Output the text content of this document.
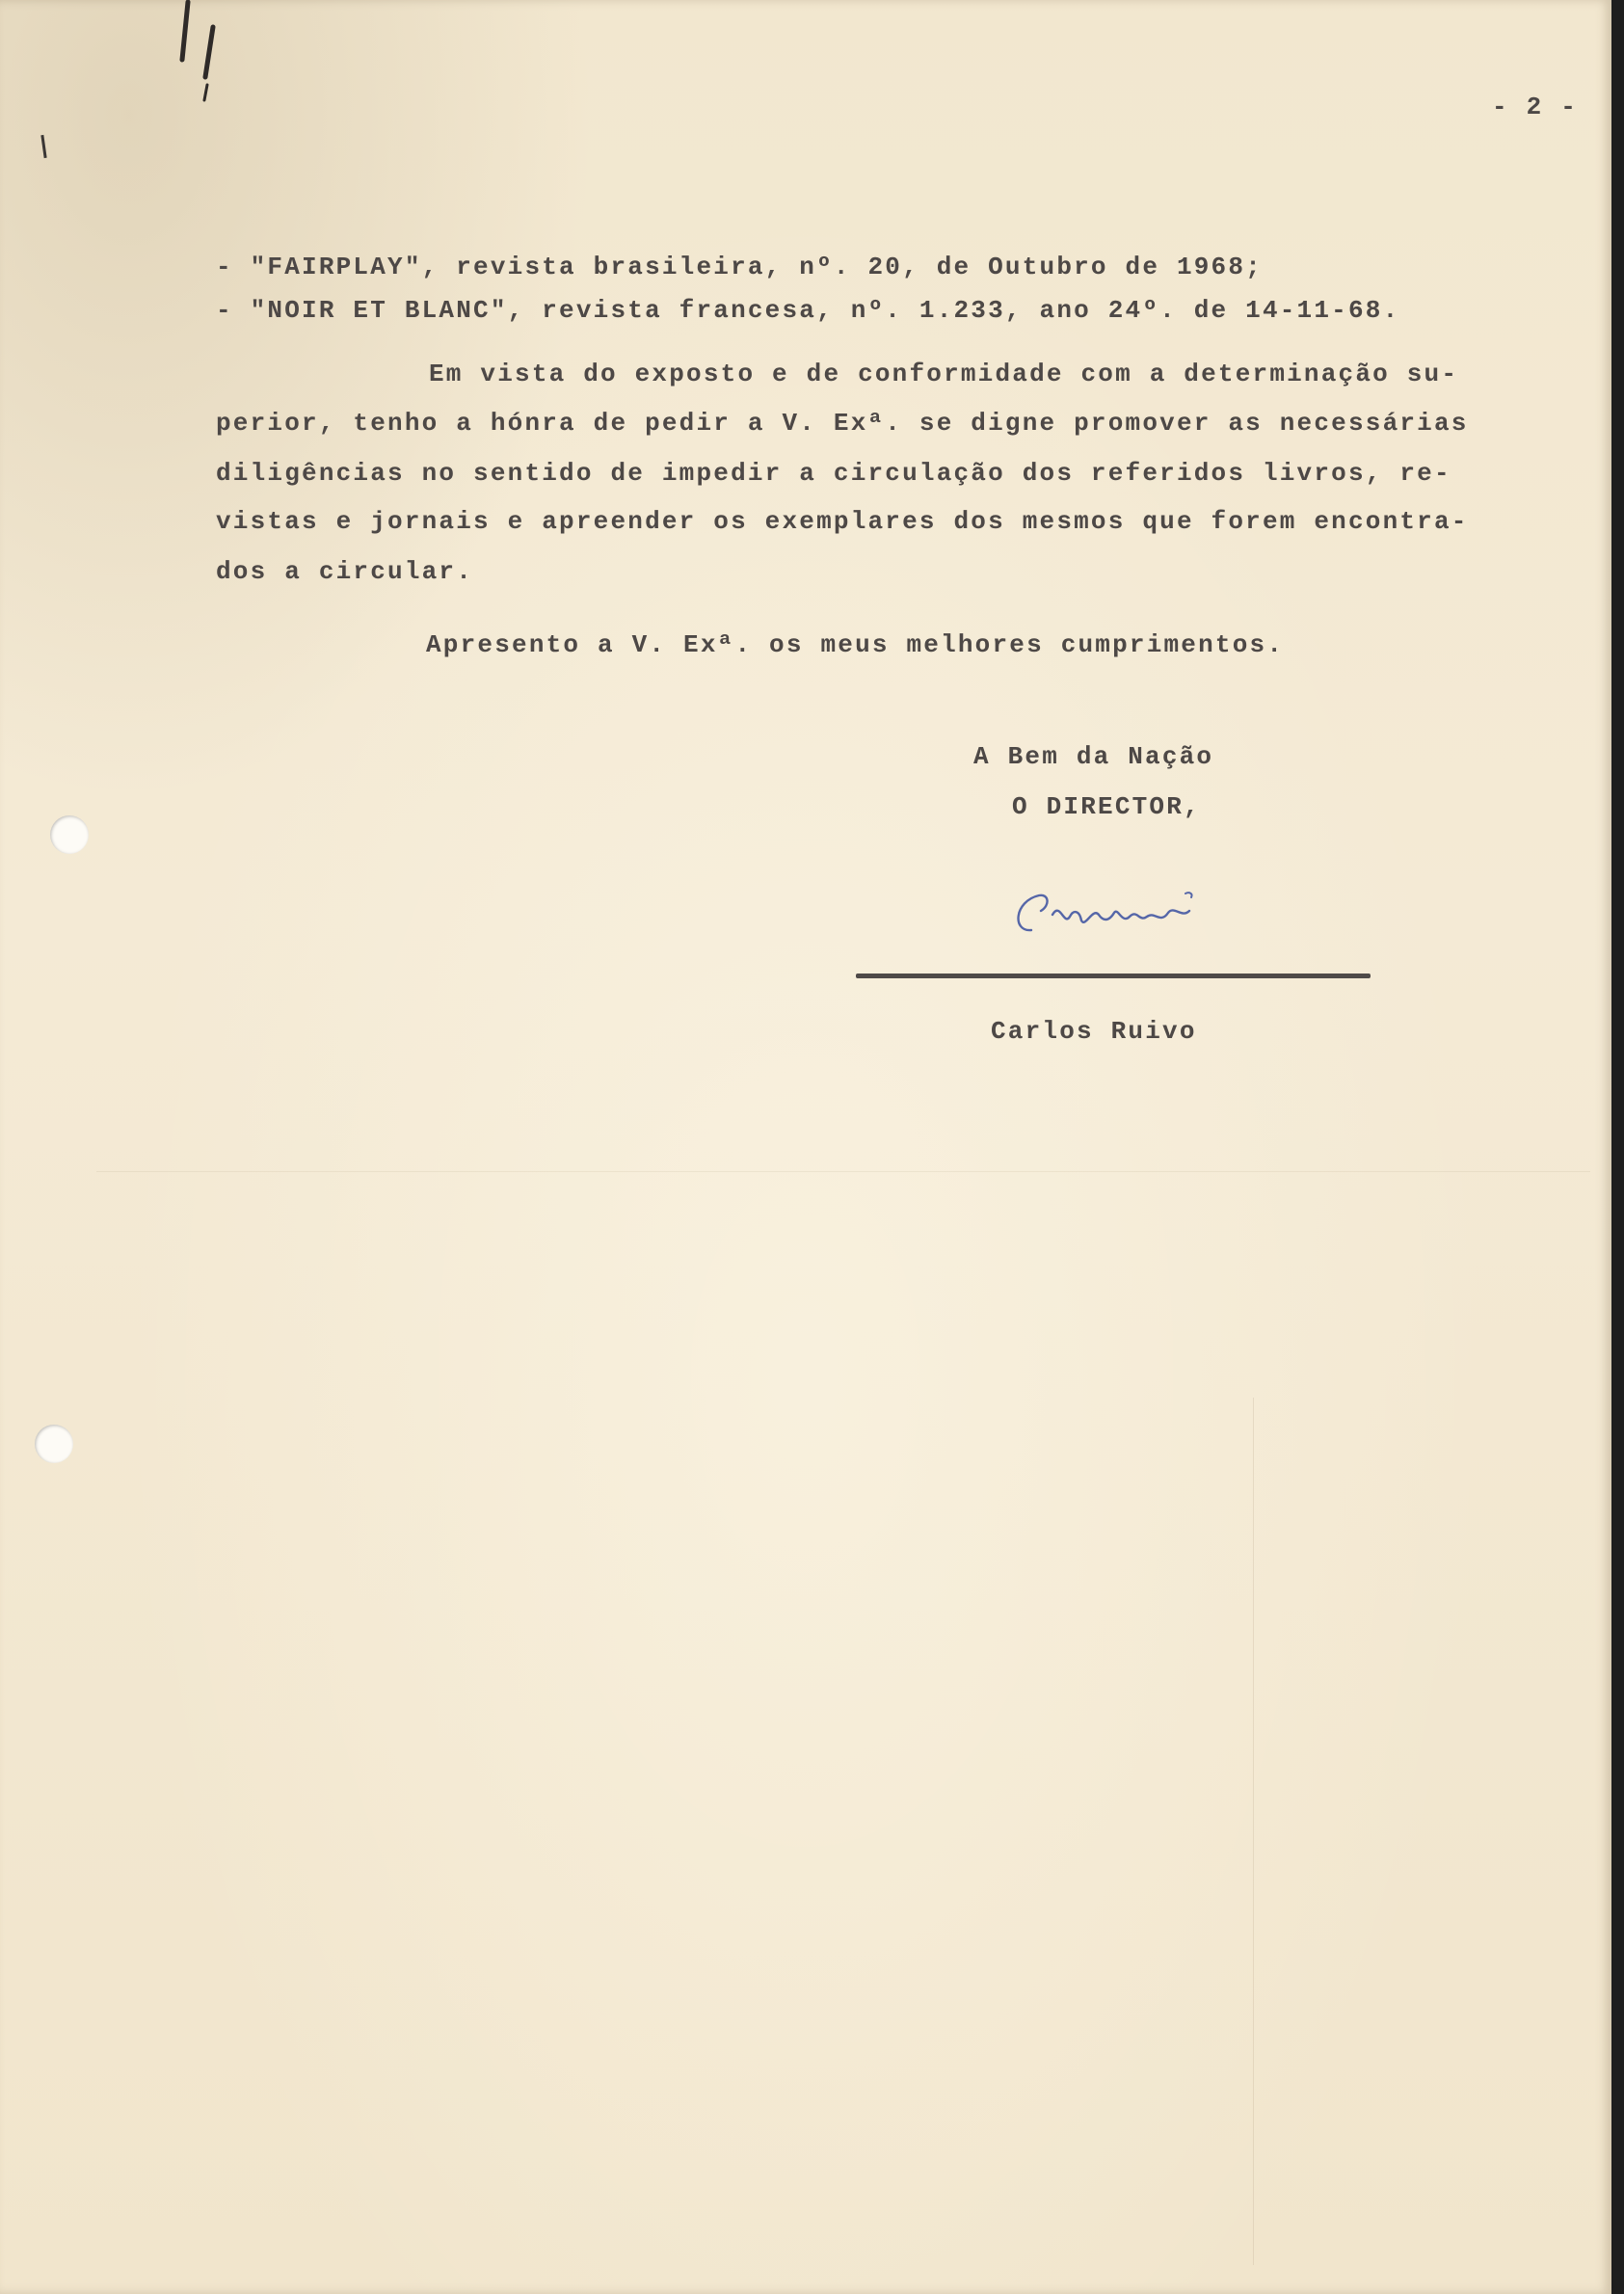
- 2 -
- "FAIRPLAY", revista brasileira, nº. 20, de Outubro de 1968;
- "NOIR ET BLANC", revista francesa, nº. 1.233, ano 24º. de 14-11-68.
Em vista do exposto e de conformidade com a determinação su-
perior, tenho a hónra de pedir a V. Exª. se digne promover as necessárias
diligências no sentido de impedir a circulação dos referidos livros, re-
vistas e jornais e apreender os exemplares dos mesmos que forem encontra-
dos a circular.
Apresento a V. Exª. os meus melhores cumprimentos.
A Bem da Nação
O DIRECTOR,
Carlos Ruivo
